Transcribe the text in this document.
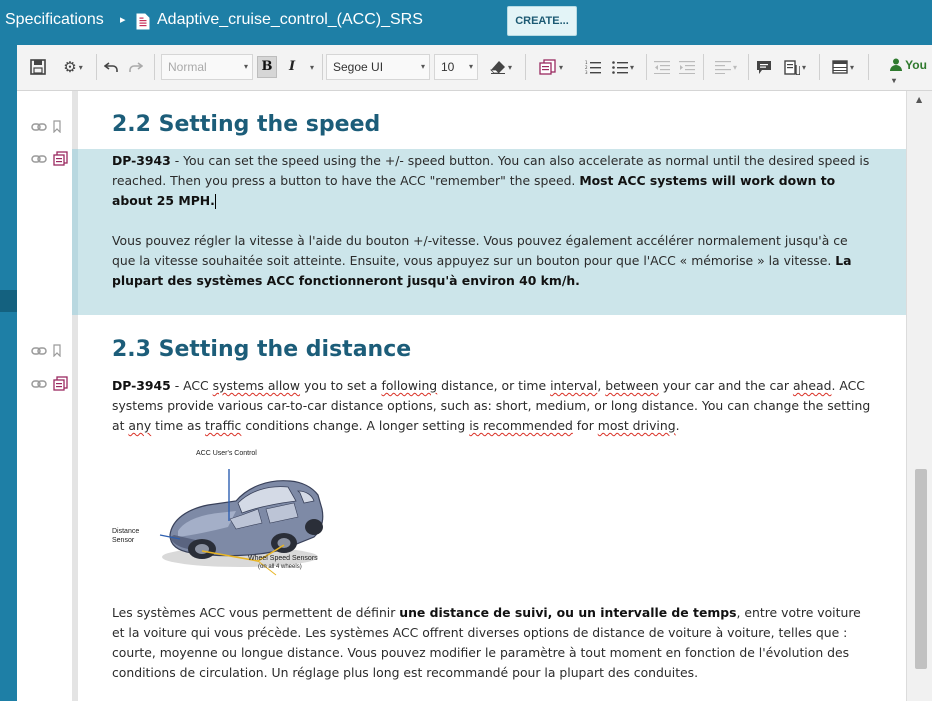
Specifications ▸ Adaptive_cruise_control_(ACC)_SRS	CREATE...
⚙ ▾	Normal	▾	B	I	▾	Segoe UI	▾	10 ▾	▾	▾	1
2
3
▾	▾	▾	▾	You ▾
2.2 Setting the speed
DP-3943 - You can set the speed using the +/- speed button. You can also accelerate as normal until the desired speed is reached. Then you press a button to have the ACC "remember" the speed. Most ACC systems will work down to about 25 MPH.
Vous pouvez régler la vitesse à l'aide du bouton +/-vitesse. Vous pouvez également accélérer normalement jusqu'à ce que la vitesse souhaitée soit atteinte. Ensuite, vous appuyez sur un bouton pour que l'ACC « mémorise » la vitesse. La plupart des systèmes ACC fonctionneront jusqu'à environ 40 km/h.
2.3 Setting the distance
DP-3945 - ACC systems allow you to set a following distance, or time interval, between your car and the car ahead. ACC systems provide various car-to-car distance options, such as: short, medium, or long distance. You can change the setting at any time as traffic conditions change. A longer setting is recommended for most driving.
Les systèmes ACC vous permettent de définir une distance de suivi, ou un intervalle de temps, entre votre voiture et la voiture qui vous précède. Les systèmes ACC offrent diverses options de distance de voiture à voiture, telles que : courte, moyenne ou longue distance. Vous pouvez modifier le paramètre à tout moment en fonction de l'évolution des conditions de circulation. Un réglage plus long est recommandé pour la plupart des conduites.
ACC User's Control
Distance
Sensor
Wheel Speed Sensors
(on all 4 wheels)
▲
